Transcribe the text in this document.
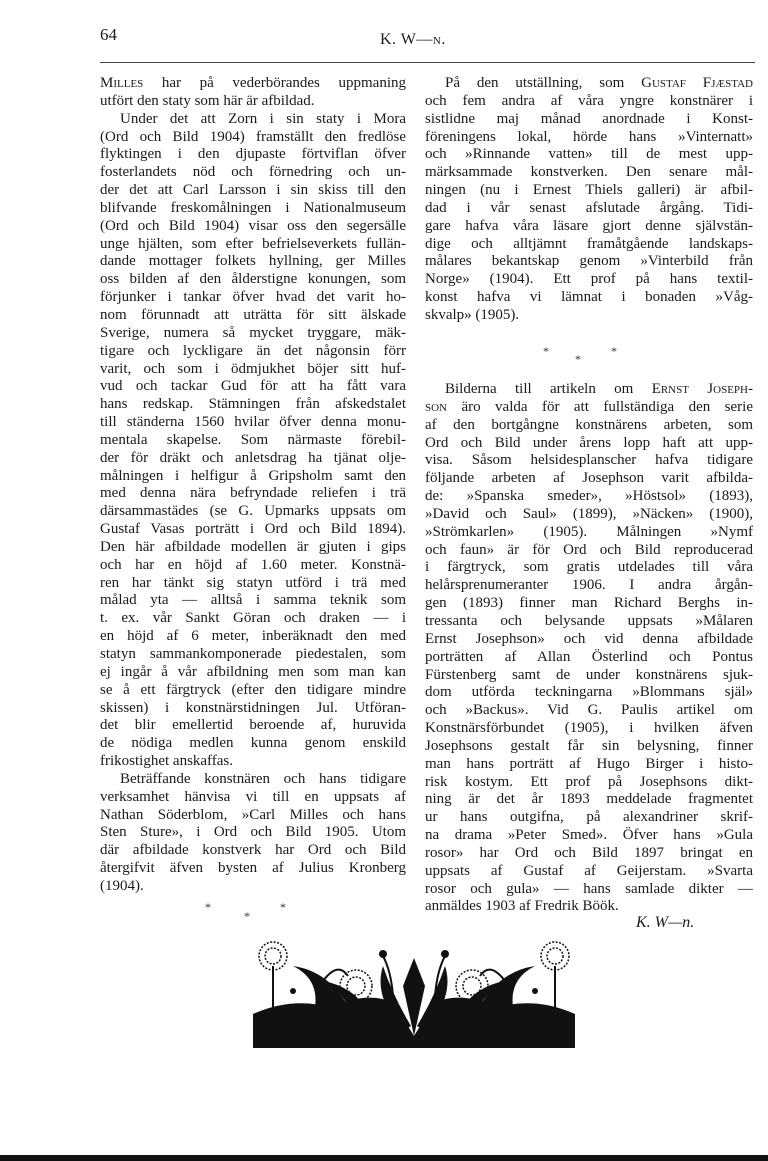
64	K. W—n.
Milles har på vederbörandes uppmaning
utfört den staty som här är afbildad.
Under det att Zorn i sin staty i Mora
(Ord och Bild 1904) framställt den fredlöse
flyktingen i den djupaste förtviflan öfver
fosterlandets nöd och förnedring och un-
der det att Carl Larsson i sin skiss till den
blifvande freskomålningen i Nationalmuseum
(Ord och Bild 1904) visar oss den segersälle
unge hjälten, som efter befrielseverkets fullän-
dande mottager folkets hyllning, ger Milles
oss bilden af den ålderstigne konungen, som
förjunker i tankar öfver hvad det varit ho-
nom förunnadt att uträtta för sitt älskade
Sverige, numera så mycket tryggare, mäk-
tigare och lyckligare än det någonsin förr
varit, och som i ödmjukhet böjer sitt huf-
vud och tackar Gud för att ha fått vara
hans redskap. Stämningen från afskedstalet
till ständerna 1560 hvilar öfver denna monu-
mentala skapelse. Som närmaste förebil-
der för dräkt och anletsdrag ha tjänat olje-
målningen i helfigur å Gripsholm samt den
med denna nära befryndade reliefen i trä
därsammastädes (se G. Upmarks uppsats om
Gustaf Vasas porträtt i Ord och Bild 1894).
Den här afbildade modellen är gjuten i gips
och har en höjd af 1.60 meter. Konstnä-
ren har tänkt sig statyn utförd i trä med
målad yta — alltså i samma teknik som
t. ex. vår Sankt Göran och draken — i
en höjd af 6 meter, inberäknadt den med
statyn sammankomponerade piedestalen, som
ej ingår å vår afbildning men som man kan
se å ett färgtryck (efter den tidigare mindre
skissen) i konstnärstidningen Jul. Utföran-
det blir emellertid beroende af, huruvida
de nödiga medlen kunna genom enskild
frikostighet anskaffas.
Beträffande konstnären och hans tidigare
verksamhet hänvisa vi till en uppsats af
Nathan Söderblom, »Carl Milles och hans
Sten Sture», i Ord och Bild 1905. Utom
där afbildade konstverk har Ord och Bild
återgifvit äfven bysten af Julius Kronberg
(1904).
På den utställning, som Gustaf Fjæstad
och fem andra af våra yngre konstnärer i
sistlidne maj månad anordnade i Konst-
föreningens lokal, hörde hans »Vinternatt»
och »Rinnande vatten» till de mest upp-
märksammade konstverken. Den senare mål-
ningen (nu i Ernest Thiels galleri) är afbil-
dad i vår senast afslutade årgång. Tidi-
gare hafva våra läsare gjort denne självstän-
dige och alltjämnt framåtgående landskaps-
målares bekantskap genom »Vinterbild från
Norge» (1904). Ett prof på hans textil-
konst hafva vi lämnat i bonaden »Våg-
skvalp» (1905).
Bilderna till artikeln om Ernst Joseph-
son äro valda för att fullständiga den serie
af den bortgångne konstnärens arbeten, som
Ord och Bild under årens lopp haft att upp-
visa. Såsom helsidesplanscher hafva tidigare
följande arbeten af Josephson varit afbilda-
de: »Spanska smeder», »Höstsol» (1893),
»David och Saul» (1899), »Näcken» (1900),
»Strömkarlen» (1905). Målningen »Nymf
och faun» är för Ord och Bild reproducerad
i färgtryck, som gratis utdelades till våra
helårsprenumeranter 1906. I andra årgån-
gen (1893) finner man Richard Berghs in-
tressanta och belysande uppsats »Målaren
Ernst Josephson» och vid denna afbildade
porträtten af Allan Österlind och Pontus
Fürstenberg samt de under konstnärens sjuk-
dom utförda teckningarna »Blommans själ»
och »Backus». Vid G. Paulis artikel om
Konstnärsförbundet (1905), i hvilken äfven
Josephsons gestalt får sin belysning, finner
man hans porträtt af Hugo Birger i histo-
risk kostym. Ett prof på Josephsons dikt-
ning är det år 1893 meddelade fragmentet
ur hans outgifna, på alexandriner skrif-
na drama »Peter Smed». Öfver hans »Gula
rosor» har Ord och Bild 1897 bringat en
uppsats af Gustaf af Geijerstam. »Svarta
rosor och gula» — hans samlade dikter —
anmäldes 1903 af Fredrik Böök.
*	*
*
*	*
*
K. W—n.
